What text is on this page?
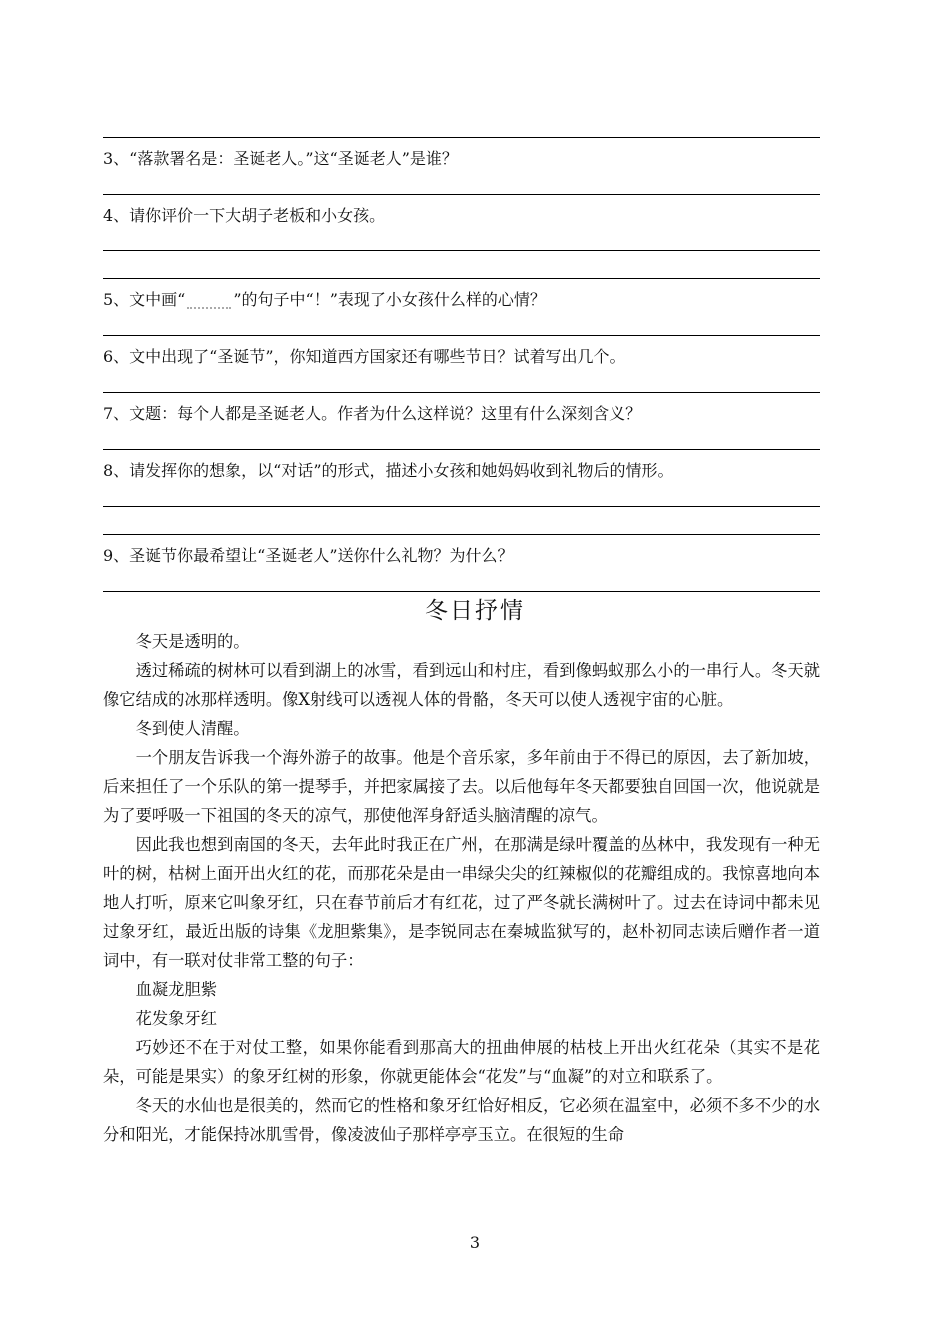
3、“落款署名是：圣诞老人。”这“圣诞老人”是谁？
4、请你评价一下大胡子老板和小女孩。
5、文中画“	”的句子中“！”表现了小女孩什么样的心情？
6、文中出现了“圣诞节”，你知道西方国家还有哪些节日？试着写出几个。
7、文题：每个人都是圣诞老人。作者为什么这样说？这里有什么深刻含义？
8、请发挥你的想象，以“对话”的形式，描述小女孩和她妈妈收到礼物后的情形。
9、圣诞节你最希望让“圣诞老人”送你什么礼物？为什么？
冬日抒情

冬天是透明的。

透过稀疏的树林可以看到湖上的冰雪，看到远山和村庄，看到像蚂蚁那么小的一串行人。冬天就像它结成的冰那样透明。像X射线可以透视人体的骨骼，冬天可以使人透视宇宙的心脏。

冬到使人清醒。

一个朋友告诉我一个海外游子的故事。他是个音乐家，多年前由于不得已的原因，去了新加坡，后来担任了一个乐队的第一提琴手，并把家属接了去。以后他每年冬天都要独自回国一次，他说就是为了要呼吸一下祖国的冬天的凉气，那使他浑身舒适头脑清醒的凉气。

因此我也想到南国的冬天，去年此时我正在广州，在那满是绿叶覆盖的丛林中，我发现有一种无叶的树，枯树上面开出火红的花，而那花朵是由一串绿尖尖的红辣椒似的花瓣组成的。我惊喜地向本地人打听，原来它叫象牙红，只在春节前后才有红花，过了严冬就长满树叶了。过去在诗词中都未见过象牙红，最近出版的诗集《龙胆紫集》，是李锐同志在秦城监狱写的，赵朴初同志读后赠作者一道词中，有一联对仗非常工整的句子：

血凝龙胆紫

花发象牙红

巧妙还不在于对仗工整，如果你能看到那高大的扭曲伸展的枯枝上开出火红花朵（其实不是花朵，可能是果实）的象牙红树的形象，你就更能体会“花发”与“血凝”的对立和联系了。

冬天的水仙也是很美的，然而它的性格和象牙红恰好相反，它必须在温室中，必须不多不少的水分和阳光，才能保持冰肌雪骨，像凌波仙子那样亭亭玉立。在很短的生命

3
